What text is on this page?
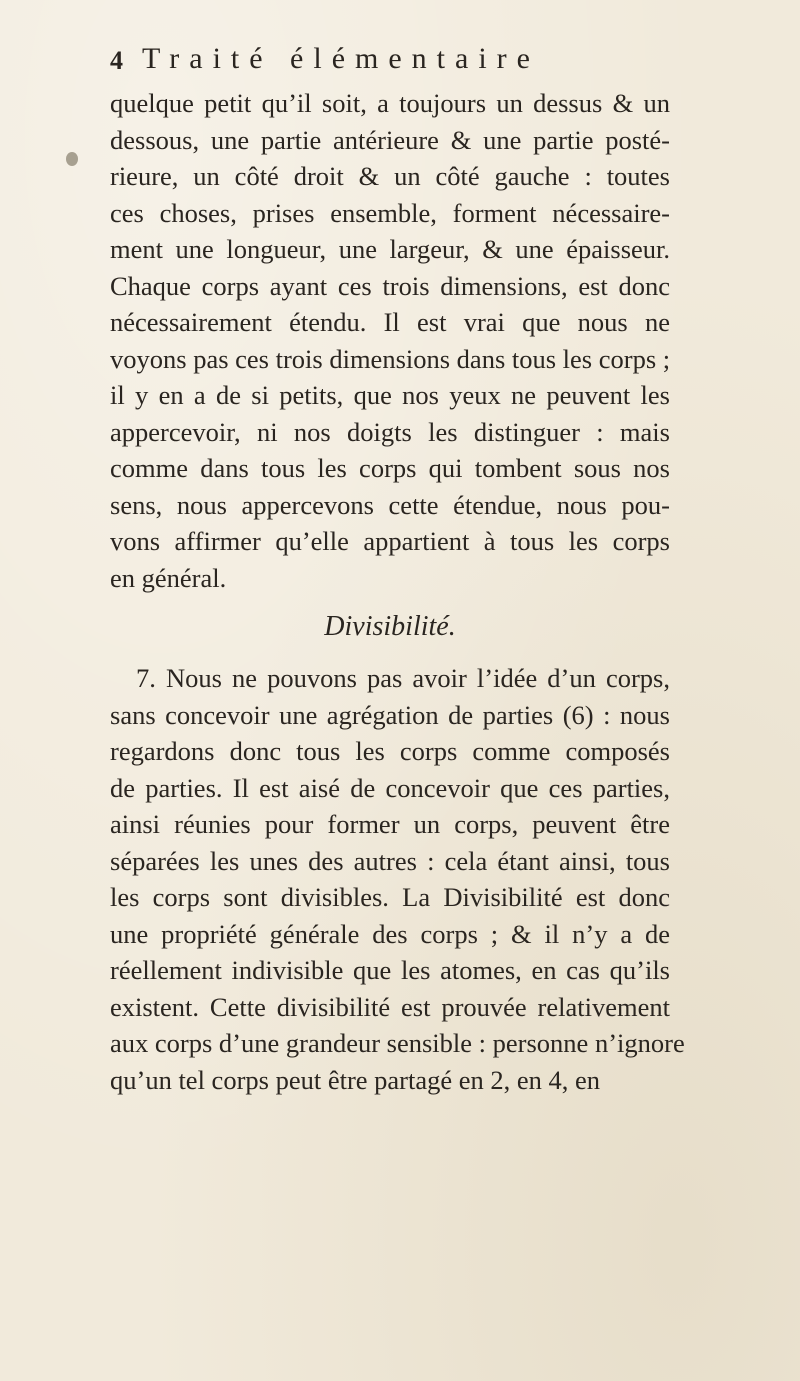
4 Traité élémentaire
quelque petit qu’il soit, a toujours un dessus & un
dessous, une partie antérieure & une partie posté-
rieure, un côté droit & un côté gauche : toutes
ces choses, prises ensemble, forment nécessaire-
ment une longueur, une largeur, & une épaisseur.
Chaque corps ayant ces trois dimensions, est donc
nécessairement étendu. Il est vrai que nous ne
voyons pas ces trois dimensions dans tous les corps ;
il y en a de si petits, que nos yeux ne peuvent les
appercevoir, ni nos doigts les distinguer : mais
comme dans tous les corps qui tombent sous nos
sens, nous appercevons cette étendue, nous pou-
vons affirmer qu’elle appartient à tous les corps
en général.
Divisibilité.
7. Nous ne pouvons pas avoir l’idée d’un corps,
sans concevoir une agrégation de parties (6) : nous
regardons donc tous les corps comme composés
de parties. Il est aisé de concevoir que ces parties,
ainsi réunies pour former un corps, peuvent être
séparées les unes des autres : cela étant ainsi, tous
les corps sont divisibles. La Divisibilité est donc
une propriété générale des corps ; & il n’y a de
réellement indivisible que les atomes, en cas qu’ils
existent. Cette divisibilité est prouvée relativement
aux corps d’une grandeur sensible : personne n’ignore
qu’un tel corps peut être partagé en 2, en 4, en
